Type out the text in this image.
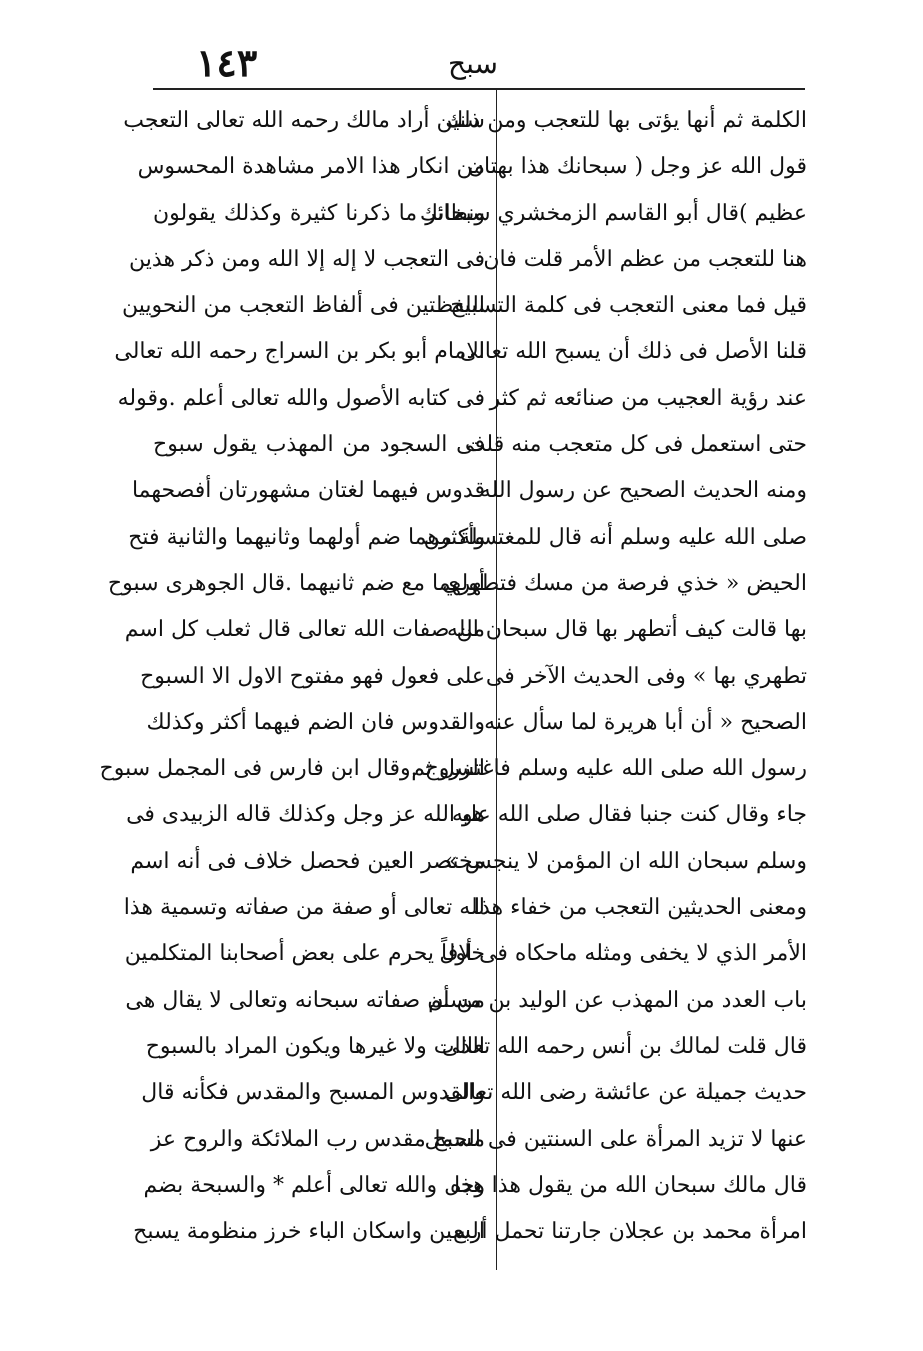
١٤٣	سبح
الكلمة ثم أنها يؤتى بها للتعجب ومن ذلك
قول الله عز وجل ( سبحانك هذا بهتان
عظيم )قال أبو القاسم الزمخشري سبحانك
هنا للتعجب من عظم الأمر قلت فان
قيل فما معنى التعجب فى كلمة التسبيح
قلنا الأصل فى ذلك أن يسبح الله تعالى
عند رؤية العجيب من صنائعه ثم كثر
حتى استعمل فى كل متعجب منه قلت
ومنه الحديث الصحيح عن رسول الله
صلى الله عليه وسلم أنه قال للمغتسلة من
الحيض « خذي فرصة من مسك فتطهري
بها قالت كيف أتطهر بها قال سبحان الله
تطهري بها » وفى الحديث الآخر فى
الصحيح « أن أبا هريرة لما سأل عنه
رسول الله صلى الله عليه وسلم فاغتسل ثم
جاء وقال كنت جنبا فقال صلى الله عليه
وسلم سبحان الله ان المؤمن لا ينجس »
ومعنى الحديثين التعجب من خفاء هذا
الأمر الذي لا يخفى ومثله ماحكاه فى أول
باب العدد من المهذب عن الوليد بن مسلم
قال قلت لمالك بن أنس رحمه الله تعالى
حديث جميلة عن عائشة رضى الله تعالى
عنها لا تزيد المرأة على السنتين فى الحمل
قال مالك سبحان الله من يقول هذا هذه
امرأة محمد بن عجلان جارتنا تحمل أربع
سنين أراد مالك رحمه الله تعالى التعجب
من انكار هذا الامر مشاهدة المحسوس
ونظائر ما ذكرنا كثيرة وكذلك يقولون
فى التعجب لا إله إلا الله ومن ذكر هذين
اللفظتين فى ألفاظ التعجب من النحويين
الامام أبو بكر بن السراج رحمه الله تعالى
فى كتابه الأصول والله تعالى أعلم .وقوله
فى السجود من المهذب يقول سبوح
قدوس فيهما لغتان مشهورتان أفصحهما
وأكثرهما ضم أولهما وثانيهما والثانية فتح
أولهما مع ضم ثانيهما .قال الجوهرى سبوح
من صفات الله تعالى قال ثعلب كل اسم
على فعول فهو مفتوح الاول الا السبوح
والقدوس فان الضم فيهما أكثر وكذلك
الزروج .وقال ابن فارس فى المجمل سبوح
هو الله عز وجل وكذلك قاله الزبيدى فى
مختصر العين فحصل خلاف فى أنه اسم
لله تعالى أو صفة من صفاته وتسمية هذا
خلافاً يحرم على بعض أصحابنا المتكلمين
من أن صفاته سبحانه وتعالى لا يقال هى
الذات ولا غيرها ويكون المراد بالسبوح
والقدوس المسبح والمقدس فكأنه قال
مسبح مقدس رب الملائكة والروح عز
وجل والله تعالى أعلم * والسبحة بضم
السين واسكان الباء خرز منظومة يسبح
